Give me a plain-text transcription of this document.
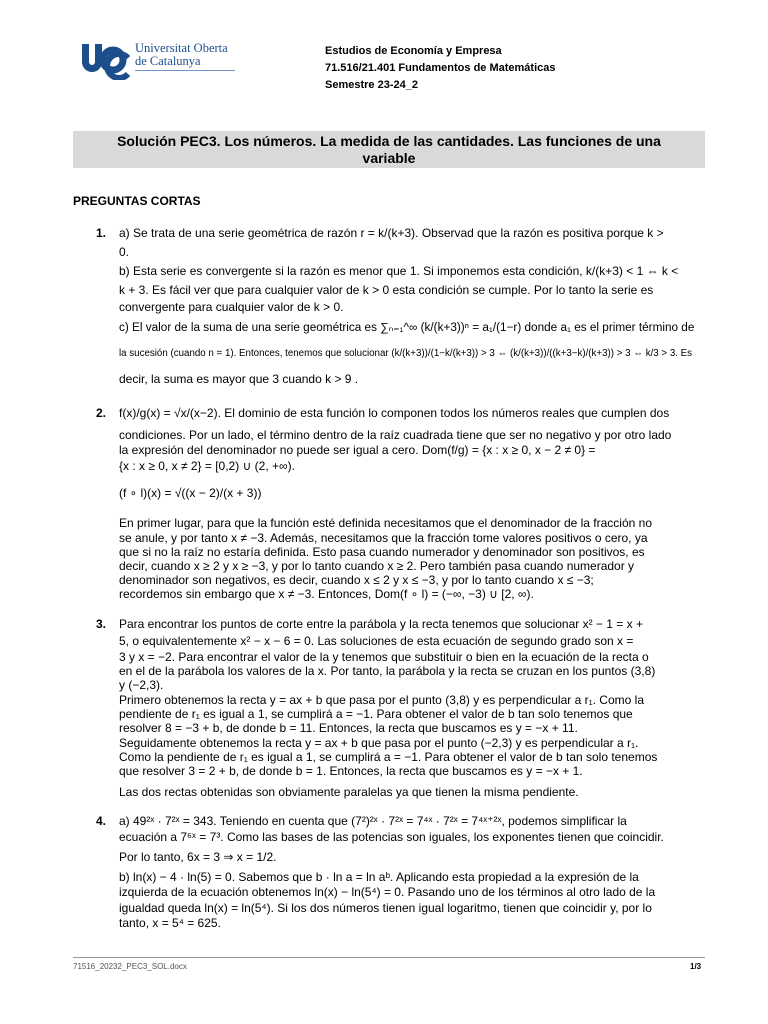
Universitat Oberta
de Catalunya
Estudios de Economía y Empresa
71.516/21.401 Fundamentos de Matemáticas
Semestre 23-24_2
Solución PEC3. Los números. La medida de las cantidades. Las funciones de una
variable
PREGUNTAS CORTAS
1. a) Se trata de una serie geométrica de razón r = k/(k+3). Observad que la razón es positiva porque k >
0.
b) Esta serie es convergente si la razón es menor que 1. Si imponemos esta condición, k/(k+3) < 1 ⇔ k <
k + 3. Es fácil ver que para cualquier valor de k > 0 esta condición se cumple. Por lo tanto la serie es
convergente para cualquier valor de k > 0.
c) El valor de la suma de una serie geométrica es ∑ₙ₌₁^∞ (k/(k+3))ⁿ = a₁/(1−r) donde a₁ es el primer término de
la sucesión (cuando n = 1). Entonces, tenemos que solucionar (k/(k+3))/(1−k/(k+3)) > 3 ⇔ (k/(k+3))/((k+3−k)/(k+3)) > 3 ⇔ k/3 > 3. Es
decir, la suma es mayor que 3 cuando k > 9 .
2. f(x)/g(x) = √x/(x−2). El dominio de esta función lo componen todos los números reales que cumplen dos
condiciones. Por un lado, el término dentro de la raíz cuadrada tiene que ser no negativo y por otro lado
la expresión del denominador no puede ser igual a cero. Dom(f/g) = {x : x ≥ 0, x − 2 ≠ 0} =
{x : x ≥ 0, x ≠ 2} = [0,2) ∪ (2, +∞).
(f ∘ l)(x) = √((x − 2)/(x + 3))
En primer lugar, para que la función esté definida necesitamos que el denominador de la fracción no
se anule, y por tanto x ≠ −3. Además, necesitamos que la fracción tome valores positivos o cero, ya
que si no la raíz no estaría definida. Esto pasa cuando numerador y denominador son positivos, es
decir, cuando x ≥ 2 y x ≥ −3, y por lo tanto cuando x ≥ 2. Pero también pasa cuando numerador y
denominador son negativos, es decir, cuando x ≤ 2 y x ≤ −3, y por lo tanto cuando x ≤ −3;
recordemos sin embargo que x ≠ −3. Entonces, Dom(f ∘ l) = (−∞, −3) ∪ [2, ∞).
3. Para encontrar los puntos de corte entre la parábola y la recta tenemos que solucionar x² − 1 = x +
5, o equivalentemente x² − x − 6 = 0. Las soluciones de esta ecuación de segundo grado son x =
3 y x = −2. Para encontrar el valor de la y tenemos que substituir o bien en la ecuación de la recta o
en el de la parábola los valores de la x. Por tanto, la parábola y la recta se cruzan en los puntos (3,8)
y (−2,3).
Primero obtenemos la recta y = ax + b que pasa por el punto (3,8) y es perpendicular a r₁. Como la
pendiente de r₁ es igual a 1, se cumplirá a = −1. Para obtener el valor de b tan solo tenemos que
resolver 8 = −3 + b, de donde b = 11. Entonces, la recta que buscamos es y = −x + 11.
Seguidamente obtenemos la recta y = ax + b que pasa por el punto (−2,3) y es perpendicular a r₁.
Como la pendiente de r₁ es igual a 1, se cumplirá a = −1. Para obtener el valor de b tan solo tenemos
que resolver 3 = 2 + b, de donde b = 1. Entonces, la recta que buscamos es y = −x + 1.
Las dos rectas obtenidas son obviamente paralelas ya que tienen la misma pendiente.
4. a) 49²ˣ · 7²ˣ = 343. Teniendo en cuenta que (7²)²ˣ · 7²ˣ = 7⁴ˣ · 7²ˣ = 7⁴ˣ⁺²ˣ, podemos simplificar la
ecuación a 7⁶ˣ = 7³. Como las bases de las potencias son iguales, los exponentes tienen que coincidir.
Por lo tanto, 6x = 3 ⇒ x = 1/2.
b) ln(x) − 4 · ln(5) = 0. Sabemos que b · ln a = ln aᵇ. Aplicando esta propiedad a la expresión de la
izquierda de la ecuación obtenemos ln(x) − ln(5⁴) = 0. Pasando uno de los términos al otro lado de la
igualdad queda ln(x) = ln(5⁴). Si los dos números tienen igual logaritmo, tienen que coincidir y, por lo
tanto, x = 5⁴ = 625.
71516_20232_PEC3_SOL.docx	1/3
